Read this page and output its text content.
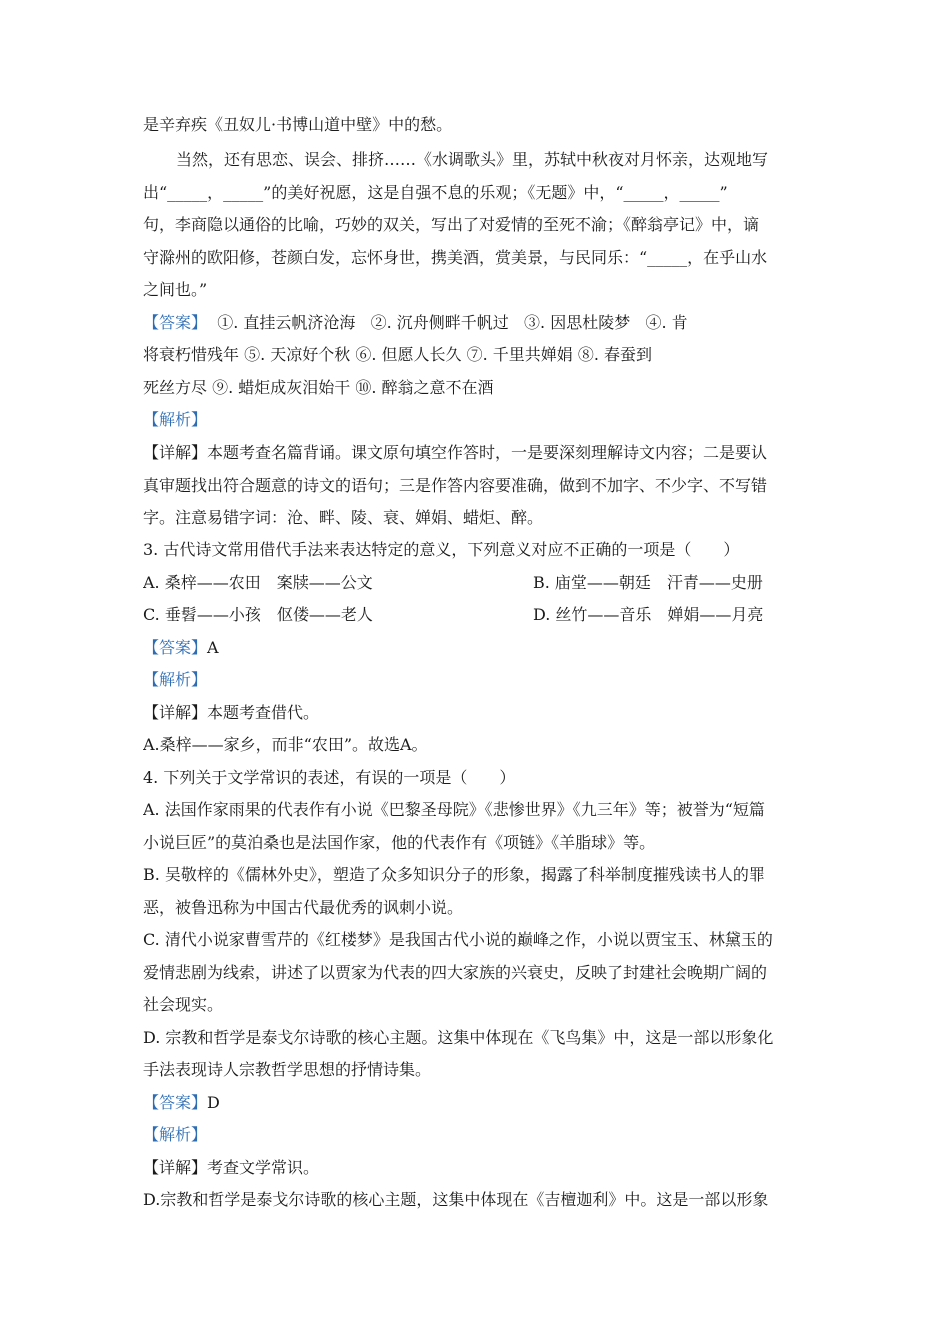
是辛弃疾《丑奴儿·书博山道中壁》中的愁。
当然，还有思恋、误会、排挤……《水调歌头》里，苏轼中秋夜对月怀亲，达观地写
出“_____，_____”的美好祝愿，这是自强不息的乐观；《无题》中，“_____，_____”
句，李商隐以通俗的比喻，巧妙的双关，写出了对爱情的至死不渝；《醉翁亭记》中，谪
守滁州的欧阳修，苍颜白发，忘怀身世，携美酒，赏美景，与民同乐：“_____，在乎山水
之间也。”
【答案】  ①. 直挂云帆济沧海   ②. 沉舟侧畔千帆过   ③. 因思杜陵梦   ④. 肯
将衰朽惜残年 ⑤. 天凉好个秋 ⑥. 但愿人长久 ⑦. 千里共婵娟 ⑧. 春蚕到
死丝方尽 ⑨. 蜡炬成灰泪始干 ⑩. 醉翁之意不在酒
【解析】
【详解】本题考查名篇背诵。课文原句填空作答时，一是要深刻理解诗文内容；二是要认
真审题找出符合题意的诗文的语句；三是作答内容要准确，做到不加字、不少字、不写错
字。注意易错字词：沧、畔、陵、衰、婵娟、蜡炬、醉。
3. 古代诗文常用借代手法来表达特定的意义，下列意义对应不正确的一项是（　　）
A. 桑梓——农田　案牍——公文	B. 庙堂——朝廷　汗青——史册
C. 垂髫——小孩　伛偻——老人	D. 丝竹——音乐　婵娟——月亮
【答案】A
【解析】
【详解】本题考查借代。
A.桑梓——家乡，而非“农田”。故选A。
4. 下列关于文学常识的表述，有误的一项是（　　）
A. 法国作家雨果的代表作有小说《巴黎圣母院》《悲惨世界》《九三年》等；被誉为“短篇
小说巨匠”的莫泊桑也是法国作家，他的代表作有《项链》《羊脂球》等。
B. 吴敬梓的《儒林外史》，塑造了众多知识分子的形象，揭露了科举制度摧残读书人的罪
恶，被鲁迅称为中国古代最优秀的讽刺小说。
C. 清代小说家曹雪芹的《红楼梦》是我国古代小说的巅峰之作，小说以贾宝玉、林黛玉的
爱情悲剧为线索，讲述了以贾家为代表的四大家族的兴衰史，反映了封建社会晚期广阔的
社会现实。
D. 宗教和哲学是泰戈尔诗歌的核心主题。这集中体现在《飞鸟集》中，这是一部以形象化
手法表现诗人宗教哲学思想的抒情诗集。
【答案】D
【解析】
【详解】考查文学常识。
D.宗教和哲学是泰戈尔诗歌的核心主题，这集中体现在《吉檀迦利》中。这是一部以形象
